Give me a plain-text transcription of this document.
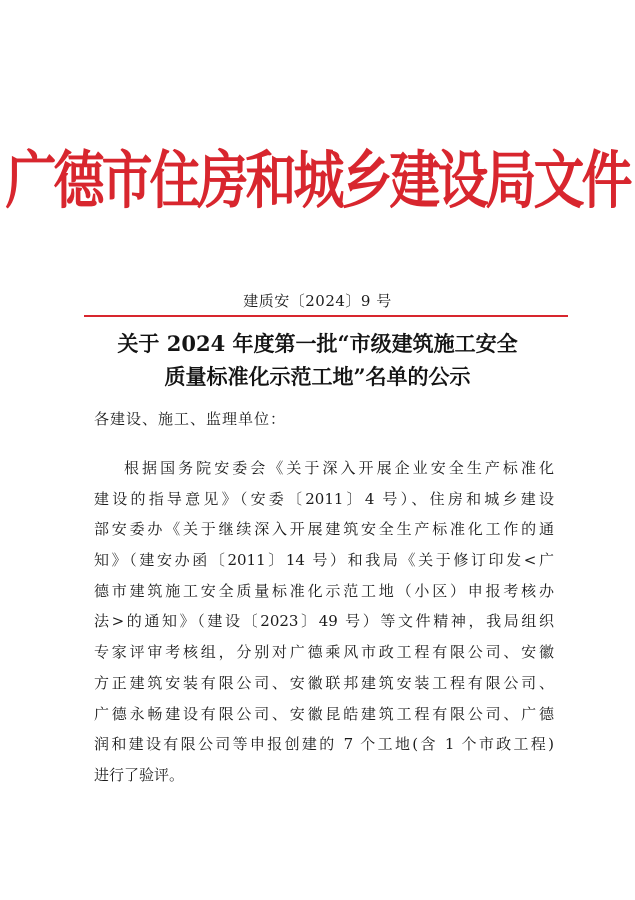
广德市住房和城乡建设局文件
建质安〔2024〕9 号
关于 2024 年度第一批“市级建筑施工安全
质量标准化示范工地”名单的公示
各建设、施工、监理单位：
根据国务院安委会《关于深入开展企业安全生产标准化
建设的指导意见》（安委〔2011〕4 号）、住房和城乡建设
部安委办《关于继续深入开展建筑安全生产标准化工作的通
知》（建安办函〔2011〕14 号）和我局《关于修订印发<广
德市建筑施工安全质量标准化示范工地（小区）申报考核办
法>的通知》（建设〔2023〕49 号）等文件精神，我局组织
专家评审考核组，分别对广德乘风市政工程有限公司、安徽
方正建筑安装有限公司、安徽联邦建筑安装工程有限公司、
广德永畅建设有限公司、安徽昆皓建筑工程有限公司、广德
润和建设有限公司等申报创建的 7 个工地(含 1 个市政工程)
进行了验评。
